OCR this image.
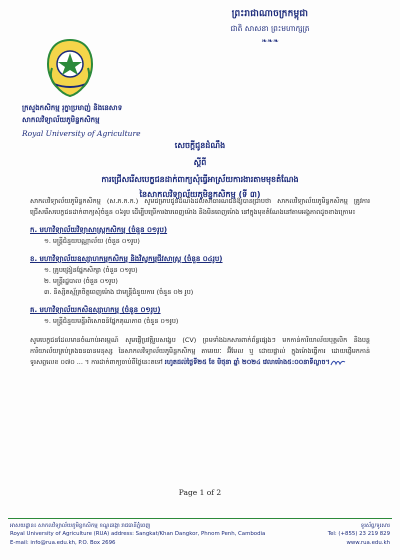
ព្រះរាជាណាចក្រកម្ពុជា
ជាតិ សាសនា ព្រះមហាក្សត្រ
❧❧❧
ក្រសួងកសិកម្ម រុក្ខាប្រមាញ់ និងនេសាទ
សាកលវិទ្យាល័យភូមិន្ទកសិកម្ម
Royal University of Agriculture
សេចក្តីជូនដំណឹង
ស្តីពី
ការជ្រើសរើសបេក្ខជនដាក់ពាក្យសុំធ្វើអាស្រ័យការងារតាមមុខតំណែង
នៃសាកលវិទ្យាល័យភូមិន្ទកសិកម្ម (ទី ៣)

សាកលវិទ្យាល័យភូមិន្ទកសិកម្ម (ស.ភ.ក.ក.) សូមជម្រាបជូនដំណឹងដល់សាធារណជនឱ្យបានជ្រាបថា សាកលវិទ្យាល័យភូមិន្ទកសិកម្ម ត្រូវការជ្រើសរើសបេក្ខជនដាក់ពាក្យសុំចំនួន ០៦រូប ដើម្បីបម្រើការងារពេញម៉ោង និងមិនពេញម៉ោង នៅក្នុងមុខតំណែងនៅតាមអង្គភាពដូចខាងក្រោម៖

ក. មហាវិទ្យាល័យវិទ្យាសាស្ត្រកសិកម្ម (ចំនួន ០១រូប)
១. មន្ត្រីជំនួយបណ្ណាល័យ (ចំនួន ០១រូប)
ខ. មហាវិទ្យាល័យឧស្សាហកម្មកសិកម្ម និងវិស្វកម្មជីវសាស្ត្រ (ចំនួន ០៤រូប)
១. គ្រូបង្រៀនផ្នែកសិក្សា (ចំនួន ០១រូប)
២. មន្ត្រីរដ្ឋបាល (ចំនួន ០១រូប)
៣. និស្សិតស្ម័គ្រចិត្តពេញម៉ោង ជាមន្ត្រីជំនួយការ (ចំនួន ០២ រូប)
គ. មហាវិទ្យាល័យកសិឧស្សាហកម្ម (ចំនួន ០១រូប)
១. មន្ត្រីជំនួយមន្ទីរពិសោធន៍ផ្នែកគុណភាព (ចំនួន ០១រូប)

សូមបេក្ខជនដែលមានចំណាប់អារម្មណ៍ សូមផ្ញើប្រវត្តិរូបសង្ខេប (CV) ព្រមទាំងឯកសារពាក់ព័ន្ធផ្សេងៗ មកកាន់ការិយាល័យបុគ្គលិក និងបន្តការិយាល័យគ្រប់គ្រងធនធានមនុស្ស នៃសាកលវិទ្យាល័យភូមិន្ទកសិកម្ម តាមរយៈ អ៊ីមែល ឬ ដោយផ្ទាល់ ក្នុងម៉ោងធ្វើការ ដោយផ្ញើមកកាន់ទូរសព្ទលេខ ០៧០ ... ។ ការដាក់ពាក្យចាប់ពីថ្ងៃនេះតទៅ រហូតដល់ថ្ងៃទី២៥ ខែ មិថុនា ឆ្នាំ ២០២៤ វេលាម៉ោង៥:០០នាទីល្ងាច។

Page 1 of 2
អាសយដ្ឋាន៖ សាកលវិទ្យាល័យភូមិន្ទកសិកម្ម ខណ្ឌដង្កោ រាជធានីភ្នំពេញ
Royal University of Agriculture (RUA) address: Sangkat/Khan Dangkor, Phnom Penh, Cambodia
E-mail: info@rua.edu.kh, P.O. Box 2696
ទូរស័ព្ទ/ទូរសារ
Tel: (+855) 23 219 829
www.rua.edu.kh
